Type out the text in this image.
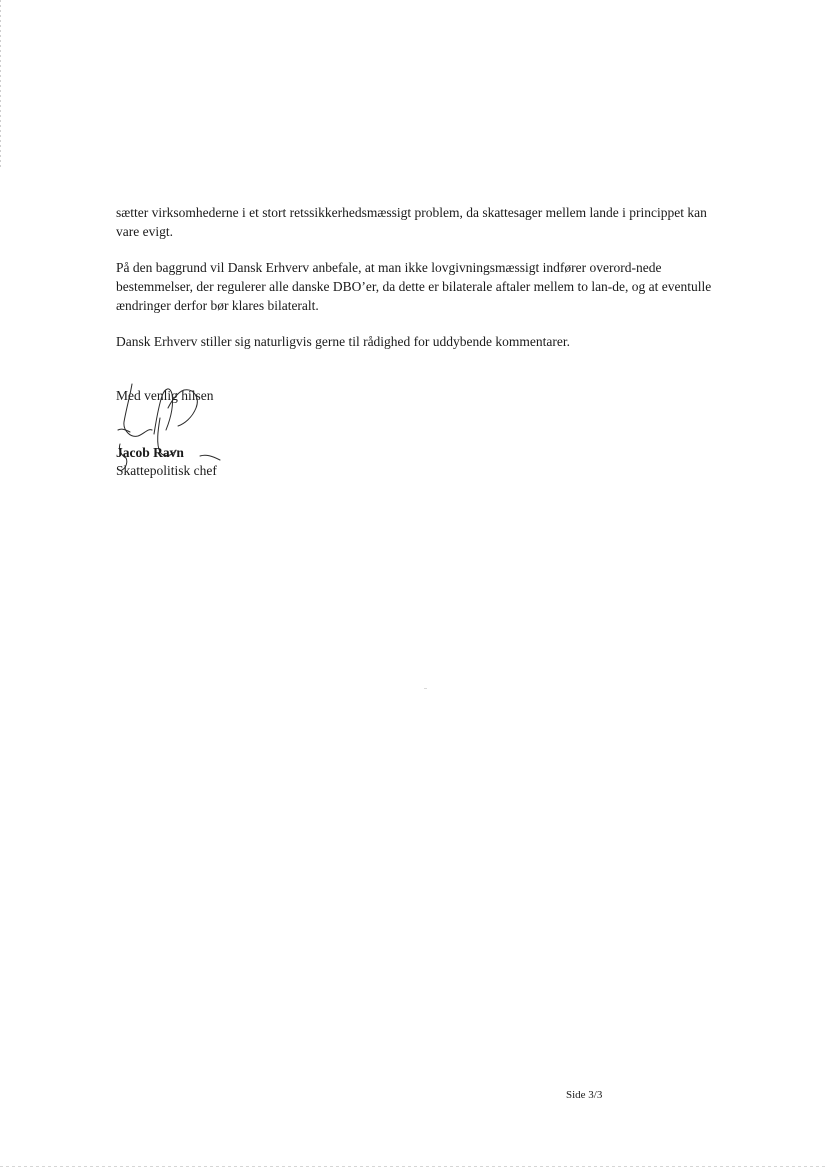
sætter virksomhederne i et stort retssikkerhedsmæssigt problem, da skattesager mellem lande i princippet kan vare evigt.

På den baggrund vil Dansk Erhverv anbefale, at man ikke lovgivningsmæssigt indfører overord-nede bestemmelser, der regulerer alle danske DBO’er, da dette er bilaterale aftaler mellem to lan-de, og at eventulle ændringer derfor bør klares bilateralt.

Dansk Erhverv stiller sig naturligvis gerne til rådighed for uddybende kommentarer.

Med venlig hilsen
Jacob Ravn
Skattepolitisk chef
Side 3/3
